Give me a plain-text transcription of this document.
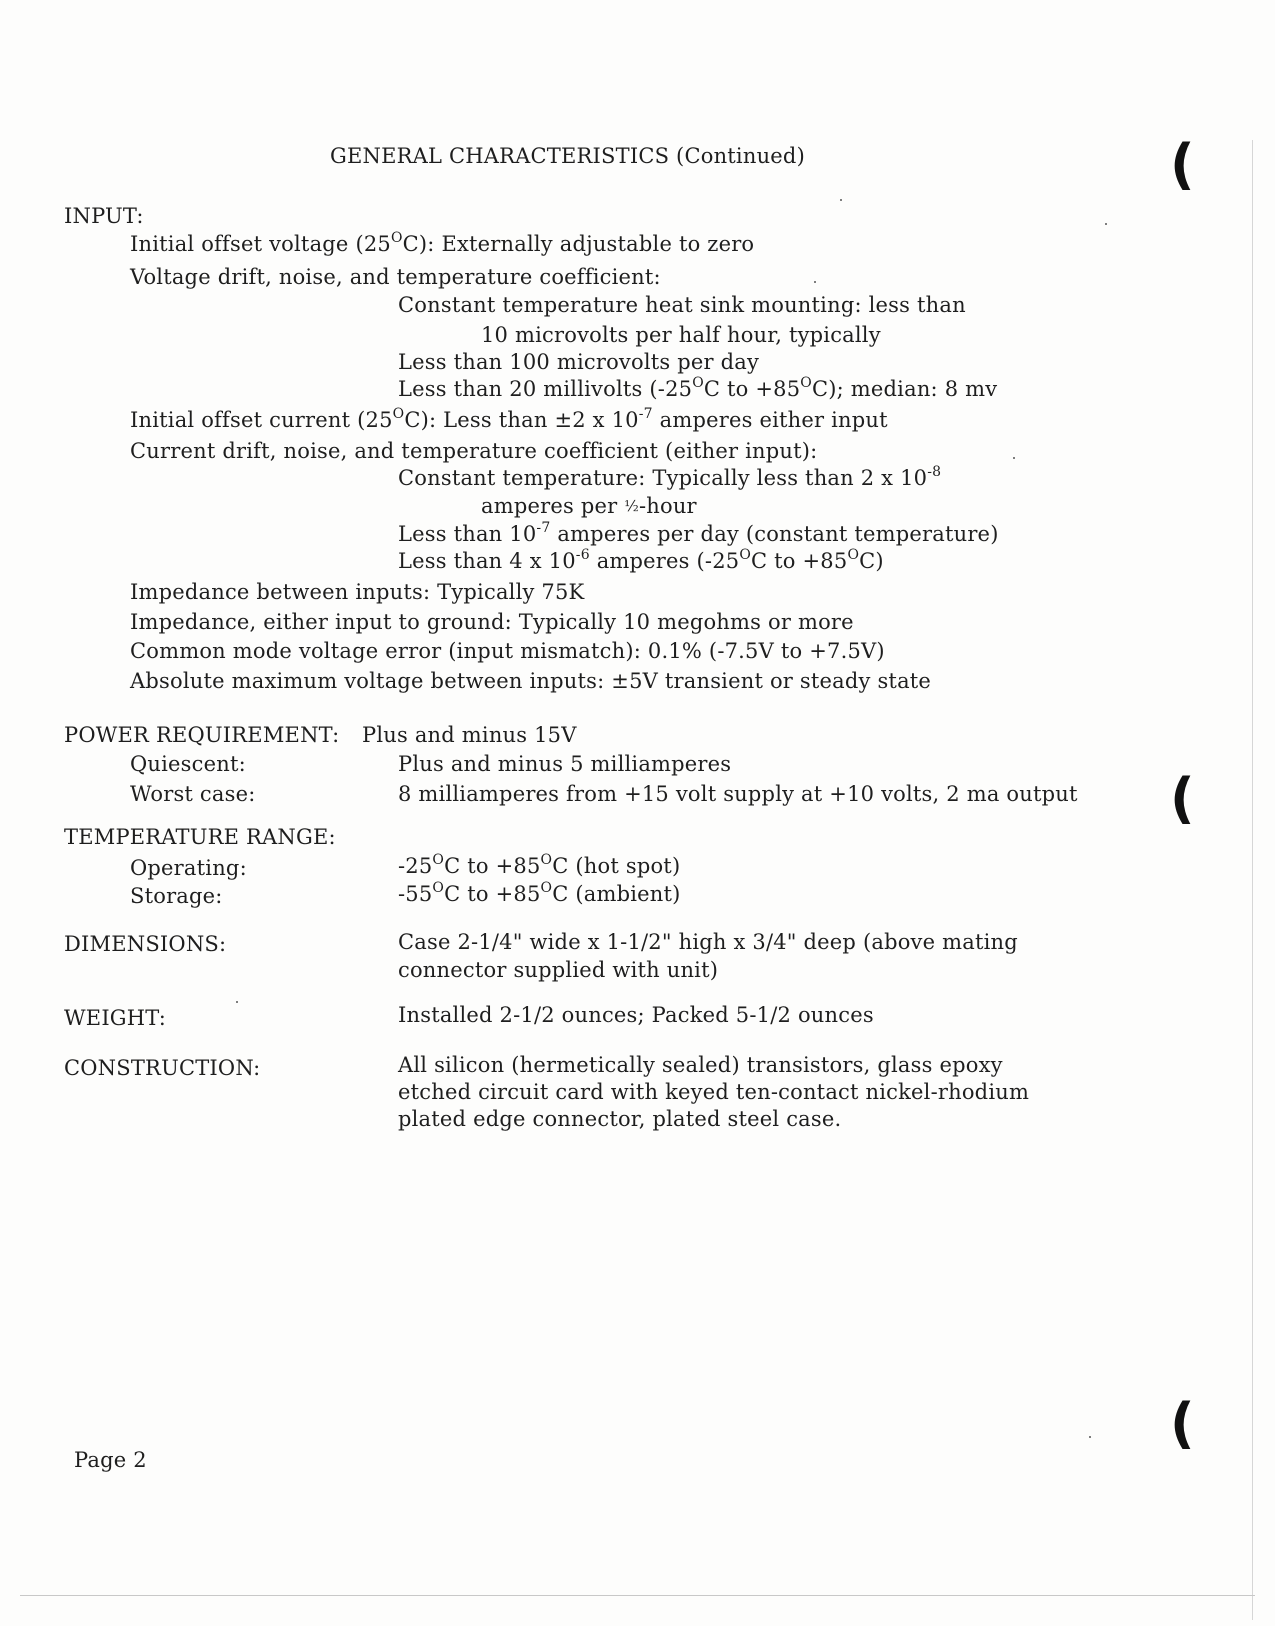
GENERAL CHARACTERISTICS (Continued)
INPUT:
Initial offset voltage $(25^OC)$: Externally adjustable to zero
Voltage drift, noise, and temperature coefficient:
Constant temperature heat sink mounting: less than
10 microvolts per half hour, typically
Less than 100 microvolts per day
Less than 20 millivolts ($-25^OC$ to $+85^OC$); median: 8 mv
Initial offset current $(25^OC)$: Less than ±2 x $10^{-7}$ amperes either input
Current drift, noise, and temperature coefficient (either input):
Constant temperature: Typically less than 2 x $10^{-8}$
amperes per ½-hour
Less than $10^{-7}$ amperes per day (constant temperature)
Less than 4 x $10^{-6}$ amperes ($-25^OC$ to $+85^OC$)
Impedance between inputs: Typically 75K
Impedance, either input to ground: Typically 10 megohms or more
Common mode voltage error (input mismatch): 0.1% (-7.5V to +7.5V)
Absolute maximum voltage between inputs: ±5V transient or steady state
POWER REQUIREMENT: Plus and minus 15V
Quiescent:	Plus and minus 5 milliamperes
Worst case:	8 milliamperes from +15 volt supply at +10 volts, 2 ma output
TEMPERATURE RANGE:
Operating:	$-25^OC$ to $+85^OC$ (hot spot)
Storage:	$-55^OC$ to $+85^OC$ (ambient)
DIMENSIONS:	Case 2-1/4" wide x 1-1/2" high x 3/4" deep (above mating
connector supplied with unit)
WEIGHT:	Installed 2-1/2 ounces; Packed 5-1/2 ounces
CONSTRUCTION:	All silicon (hermetically sealed) transistors, glass epoxy
etched circuit card with keyed ten-contact nickel-rhodium
plated edge connector, plated steel case.
Page 2
(
(
(
